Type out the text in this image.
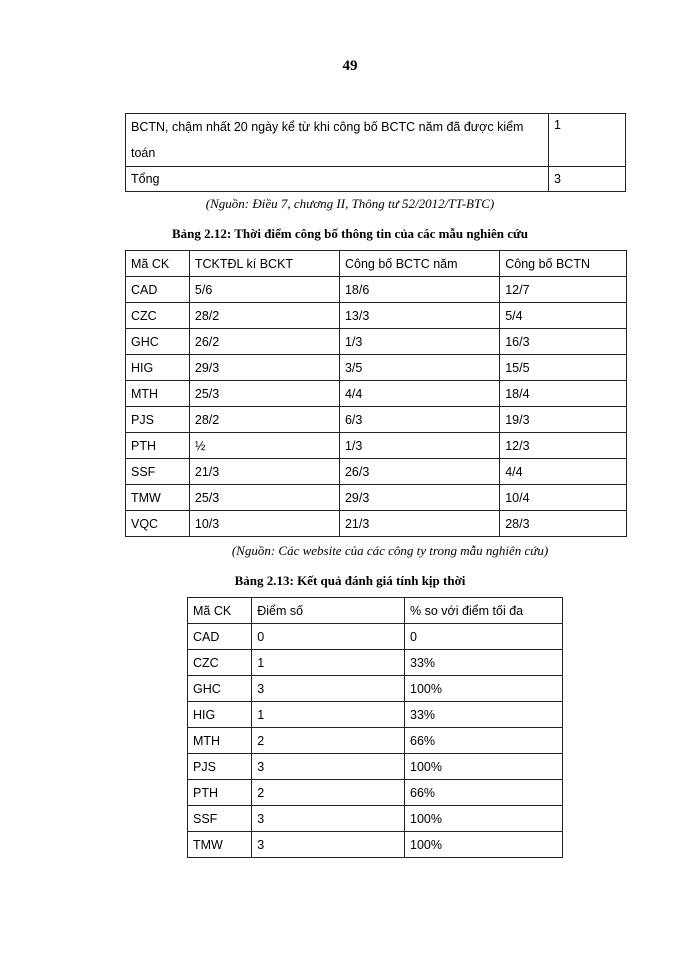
49
BCTN, chậm nhất 20 ngày kể từ khi công bố BCTC năm đã được kiểm toán	1
Tổng	3
(Nguồn: Điều 7, chương II, Thông tư 52/2012/TT-BTC)
Bảng 2.12: Thời điểm công bố thông tin của các mẫu nghiên cứu
Mã CK	TCKTĐL kí BCKT	Công bố BCTC năm	Công bố BCTN
CAD	5/6	18/6	12/7
CZC	28/2	13/3	5/4
GHC	26/2	1/3	16/3
HIG	29/3	3/5	15/5
MTH	25/3	4/4	18/4
PJS	28/2	6/3	19/3
PTH	½	1/3	12/3
SSF	21/3	26/3	4/4
TMW	25/3	29/3	10/4
VQC	10/3	21/3	28/3
(Nguồn: Các website của các công ty trong mẫu nghiên cứu)
Bảng 2.13: Kết quả đánh giá tính kịp thời
Mã CK	Điểm số	% so với điểm tối đa
CAD	0	0
CZC	1	33%
GHC	3	100%
HIG	1	33%
MTH	2	66%
PJS	3	100%
PTH	2	66%
SSF	3	100%
TMW	3	100%
